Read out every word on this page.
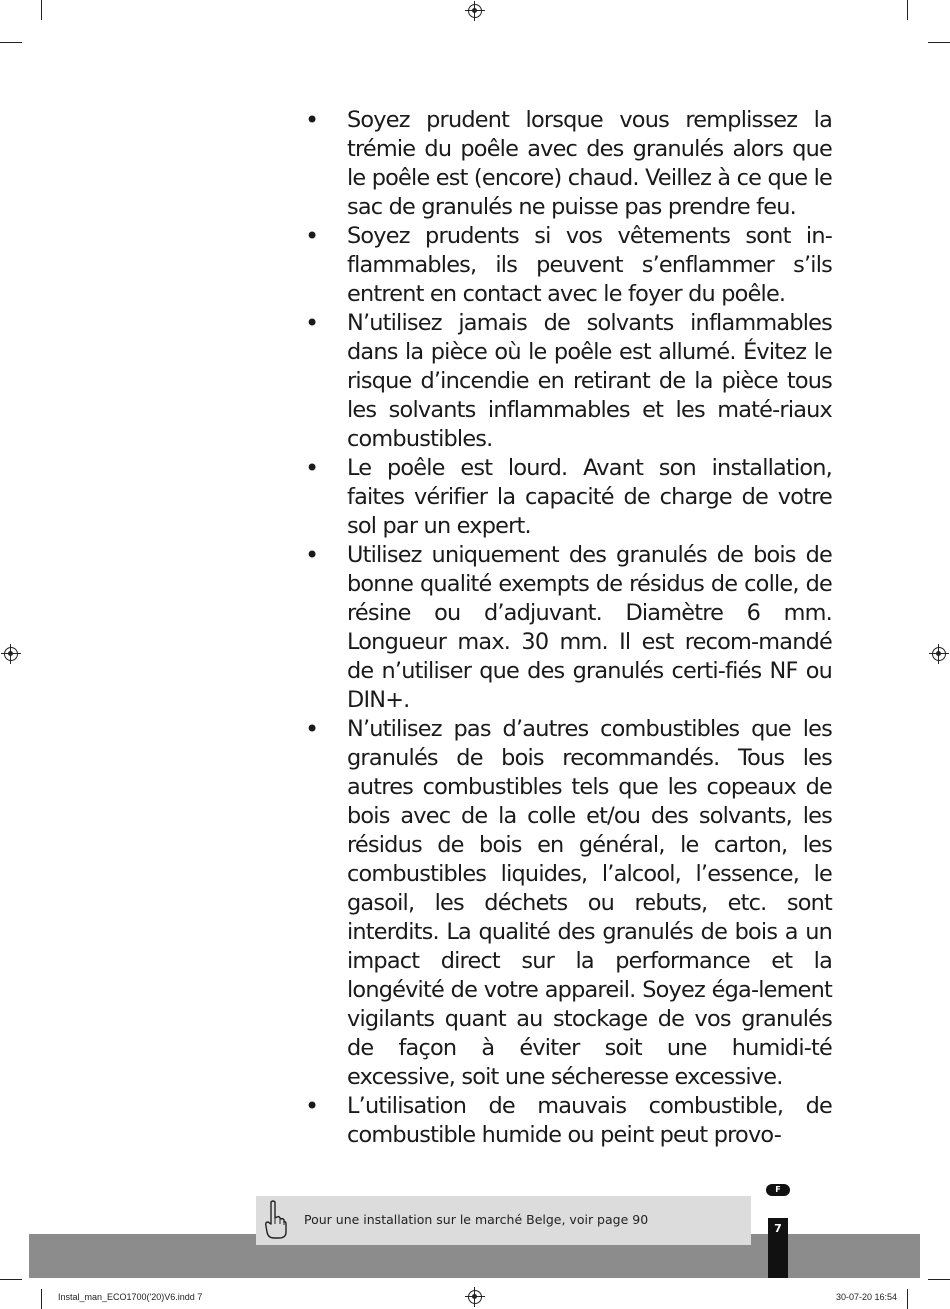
• Soyez prudent lorsque vous remplissez la trémie du poêle avec des granulés alors que le poêle est (encore) chaud. Veillez à ce que le sac de granulés ne puisse pas prendre feu.
• Soyez prudents si vos vêtements sont in-flammables, ils peuvent s’enflammer s’ils entrent en contact avec le foyer du poêle.
• N’utilisez jamais de solvants inflammables dans la pièce où le poêle est allumé. Évitez le risque d’incendie en retirant de la pièce tous les solvants inflammables et les maté-riaux combustibles.
• Le poêle est lourd. Avant son installation, faites vérifier la capacité de charge de votre sol par un expert.
• Utilisez uniquement des granulés de bois de bonne qualité exempts de résidus de colle, de résine ou d’adjuvant. Diamètre 6 mm. Longueur max. 30 mm. Il est recom-mandé de n’utiliser que des granulés certi-fiés NF ou DIN+.
• N’utilisez pas d’autres combustibles que les granulés de bois recommandés. Tous les autres combustibles tels que les copeaux de bois avec de la colle et/ou des solvants, les résidus de bois en général, le carton, les combustibles liquides, l’alcool, l’essence, le gasoil, les déchets ou rebuts, etc. sont interdits. La qualité des granulés de bois a un impact direct sur la performance et la longévité de votre appareil. Soyez éga-lement vigilants quant au stockage de vos granulés de façon à éviter soit une humidi-té excessive, soit une sécheresse excessive.
• L’utilisation de mauvais combustible, de combustible humide ou peint peut provo-
F
7
Pour une installation sur le marché Belge, voir page 90
Instal_man_ECO1700('20)V6.indd 7	30-07-20 16:54
